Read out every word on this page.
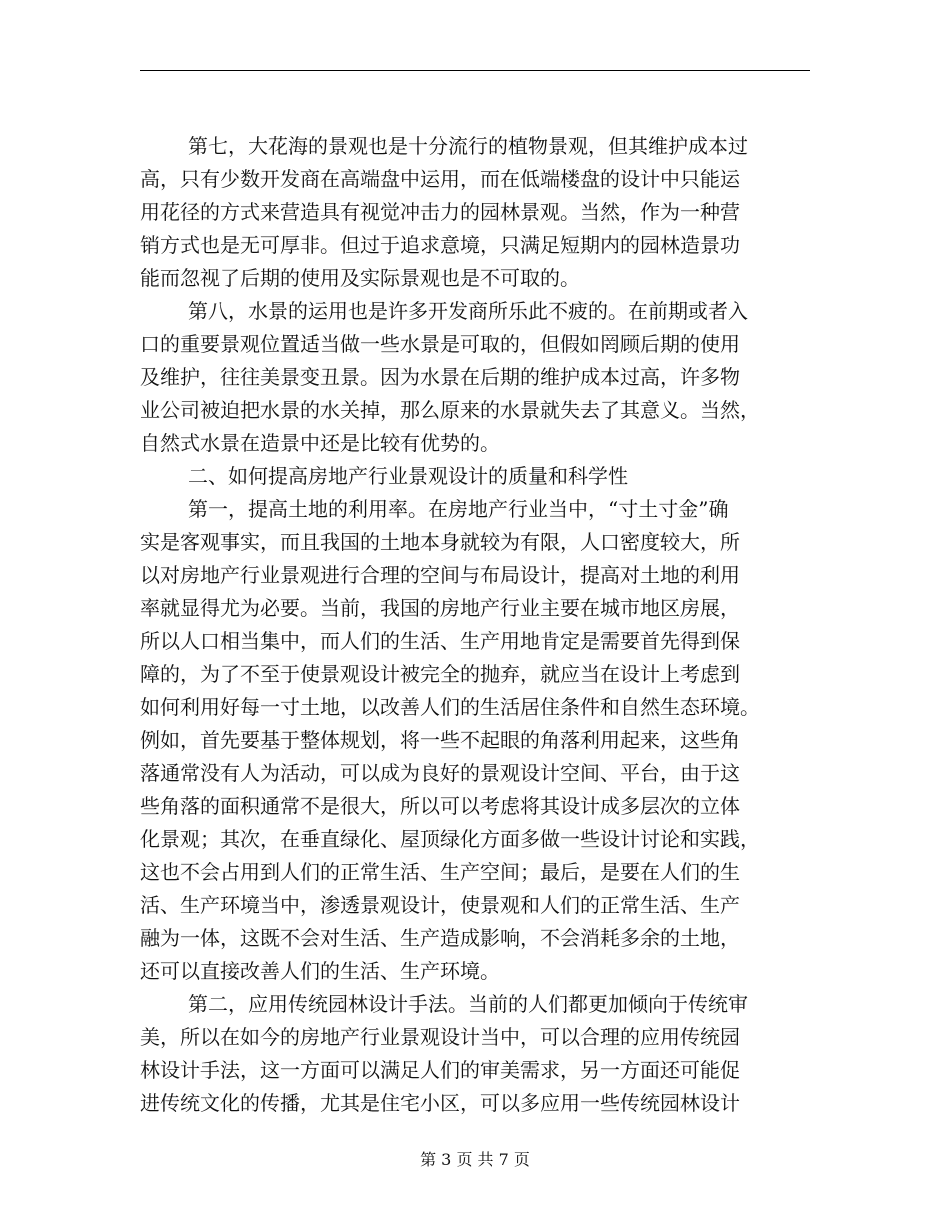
第七，大花海的景观也是十分流行的植物景观，但其维护成本过
高，只有少数开发商在高端盘中运用，而在低端楼盘的设计中只能运
用花径的方式来营造具有视觉冲击力的园林景观。当然，作为一种营
销方式也是无可厚非。但过于追求意境，只满足短期内的园林造景功
能而忽视了后期的使用及实际景观也是不可取的。
第八，水景的运用也是许多开发商所乐此不疲的。在前期或者入
口的重要景观位置适当做一些水景是可取的，但假如罔顾后期的使用
及维护，往往美景变丑景。因为水景在后期的维护成本过高，许多物
业公司被迫把水景的水关掉，那么原来的水景就失去了其意义。当然，
自然式水景在造景中还是比较有优势的。
二、如何提高房地产行业景观设计的质量和科学性
第一，提高土地的利用率。在房地产行业当中，“寸土寸金”确
实是客观事实，而且我国的土地本身就较为有限，人口密度较大，所
以对房地产行业景观进行合理的空间与布局设计，提高对土地的利用
率就显得尤为必要。当前，我国的房地产行业主要在城市地区房展，
所以人口相当集中，而人们的生活、生产用地肯定是需要首先得到保
障的，为了不至于使景观设计被完全的抛弃，就应当在设计上考虑到
如何利用好每一寸土地，以改善人们的生活居住条件和自然生态环境。
例如，首先要基于整体规划，将一些不起眼的角落利用起来，这些角
落通常没有人为活动，可以成为良好的景观设计空间、平台，由于这
些角落的面积通常不是很大，所以可以考虑将其设计成多层次的立体
化景观；其次，在垂直绿化、屋顶绿化方面多做一些设计讨论和实践，
这也不会占用到人们的正常生活、生产空间；最后，是要在人们的生
活、生产环境当中，渗透景观设计，使景观和人们的正常生活、生产
融为一体，这既不会对生活、生产造成影响，不会消耗多余的土地，
还可以直接改善人们的生活、生产环境。
第二，应用传统园林设计手法。当前的人们都更加倾向于传统审
美，所以在如今的房地产行业景观设计当中，可以合理的应用传统园
林设计手法，这一方面可以满足人们的审美需求，另一方面还可能促
进传统文化的传播，尤其是住宅小区，可以多应用一些传统园林设计
第 3 页 共 7 页
